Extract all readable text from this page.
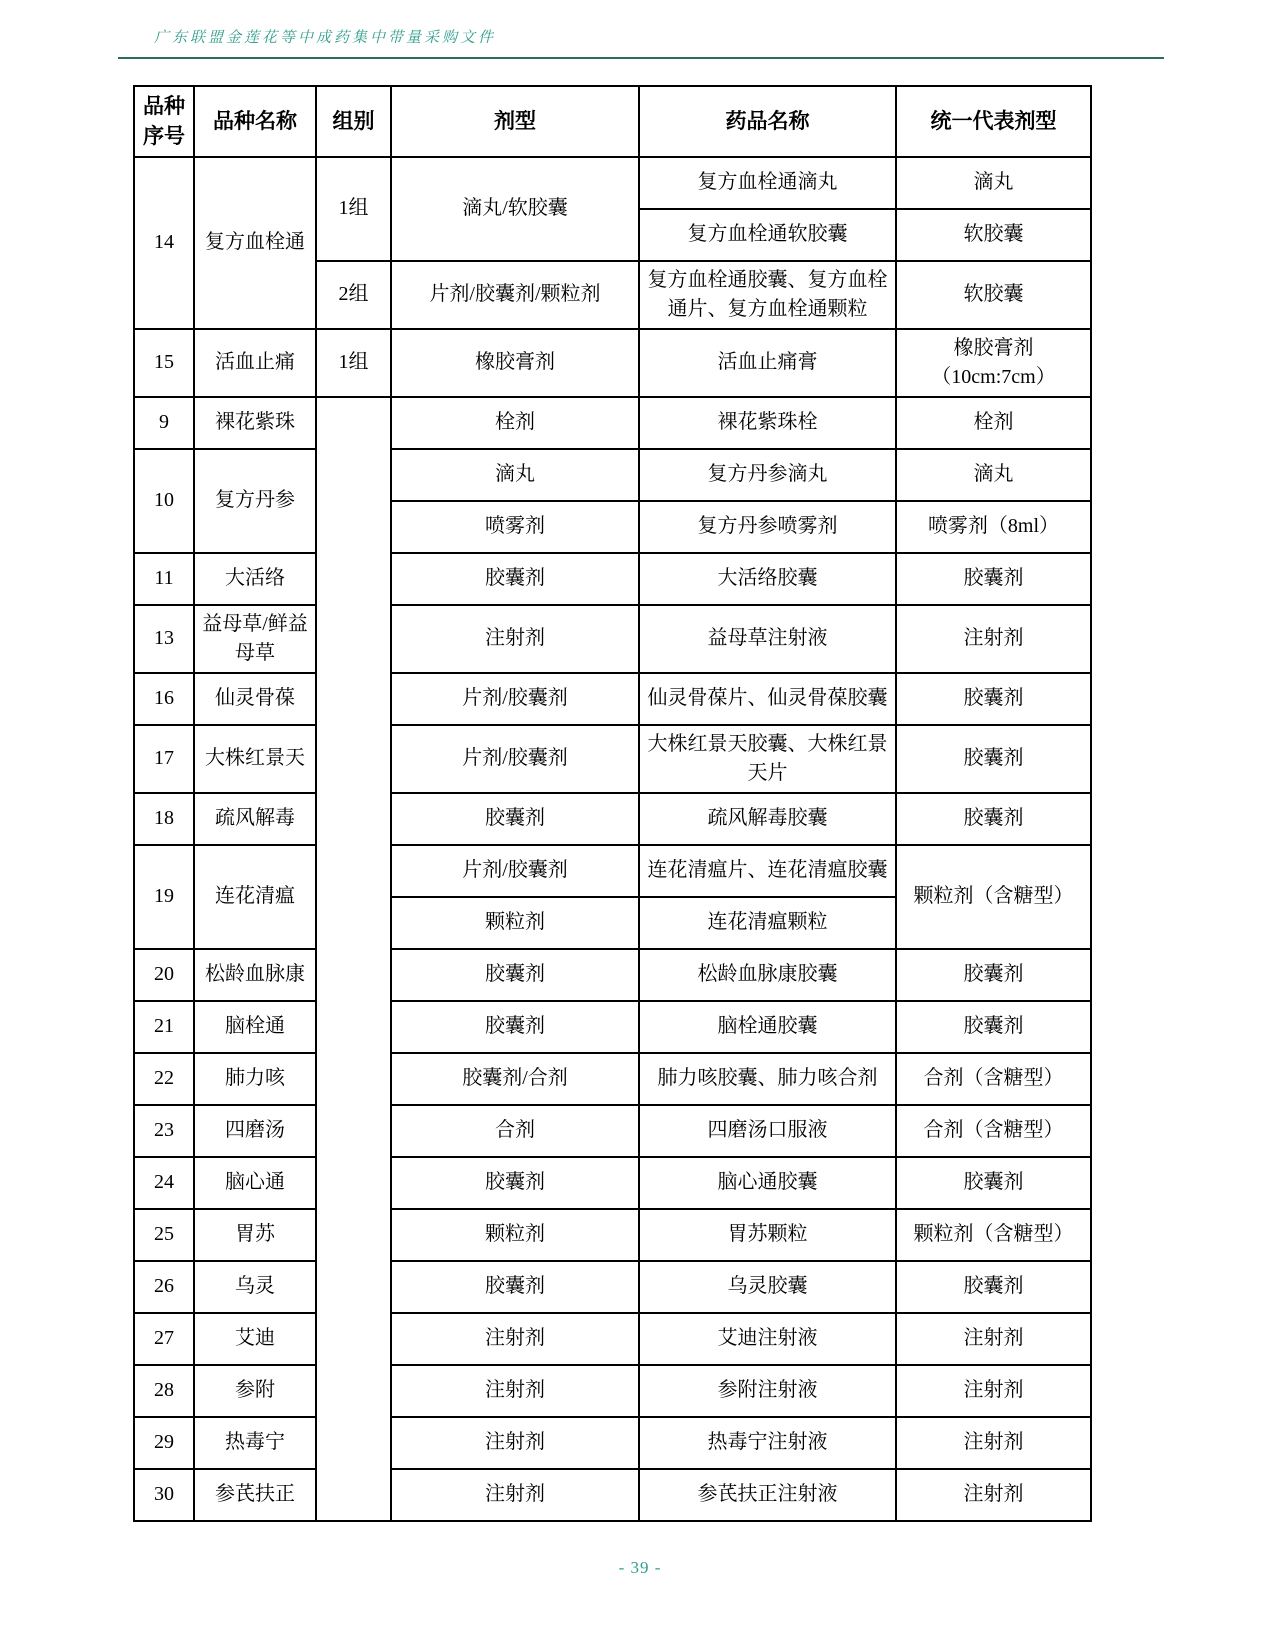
广东联盟金莲花等中成药集中带量采购文件
品种序号	品种名称	组别	剂型	药品名称	统一代表剂型
14	复方血栓通	1组	滴丸/软胶囊	复方血栓通滴丸	滴丸
				复方血栓通软胶囊	软胶囊
		2组	片剂/胶囊剂/颗粒剂	复方血栓通胶囊、复方血栓通片、复方血栓通颗粒	软胶囊
15	活血止痛	1组	橡胶膏剂	活血止痛膏	橡胶膏剂（10cm:7cm）
9	裸花紫珠		栓剂	裸花紫珠栓	栓剂
10	复方丹参		滴丸	复方丹参滴丸	滴丸
			喷雾剂	复方丹参喷雾剂	喷雾剂（8ml）
11	大活络		胶囊剂	大活络胶囊	胶囊剂
13	益母草/鲜益母草		注射剂	益母草注射液	注射剂
16	仙灵骨葆		片剂/胶囊剂	仙灵骨葆片、仙灵骨葆胶囊	胶囊剂
17	大株红景天		片剂/胶囊剂	大株红景天胶囊、大株红景天片	胶囊剂
18	疏风解毒		胶囊剂	疏风解毒胶囊	胶囊剂
19	连花清瘟		片剂/胶囊剂	连花清瘟片、连花清瘟胶囊	颗粒剂（含糖型）
			颗粒剂	连花清瘟颗粒	
20	松龄血脉康		胶囊剂	松龄血脉康胶囊	胶囊剂
21	脑栓通		胶囊剂	脑栓通胶囊	胶囊剂
22	肺力咳		胶囊剂/合剂	肺力咳胶囊、肺力咳合剂	合剂（含糖型）
23	四磨汤		合剂	四磨汤口服液	合剂（含糖型）
24	脑心通		胶囊剂	脑心通胶囊	胶囊剂
25	胃苏		颗粒剂	胃苏颗粒	颗粒剂（含糖型）
26	乌灵		胶囊剂	乌灵胶囊	胶囊剂
27	艾迪		注射剂	艾迪注射液	注射剂
28	参附		注射剂	参附注射液	注射剂
29	热毒宁		注射剂	热毒宁注射液	注射剂
30	参芪扶正		注射剂	参芪扶正注射液	注射剂
- 39 -
